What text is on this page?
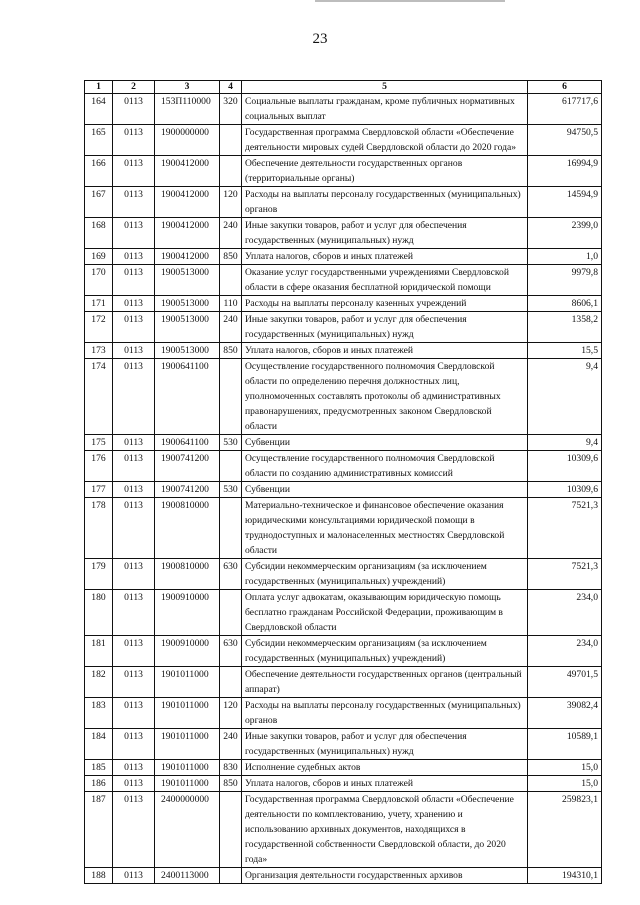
23
1	2	3	4	5	6
164	0113	153П110000	320	Социальные выплаты гражданам, кроме публичных нормативных социальных выплат	617717,6
165	0113	1900000000		Государственная программа Свердловской области «Обеспечение деятельности мировых судей Свердловской области до 2020 года»	94750,5
166	0113	1900412000		Обеспечение деятельности государственных органов (территориальные органы)	16994,9
167	0113	1900412000	120	Расходы на выплаты персоналу государственных (муниципальных) органов	14594,9
168	0113	1900412000	240	Иные закупки товаров, работ и услуг для обеспечения государственных (муниципальных) нужд	2399,0
169	0113	1900412000	850	Уплата налогов, сборов и иных платежей	1,0
170	0113	1900513000		Оказание услуг государственными учреждениями Свердловской области в сфере оказания бесплатной юридической помощи	9979,8
171	0113	1900513000	110	Расходы на выплаты персоналу казенных учреждений	8606,1
172	0113	1900513000	240	Иные закупки товаров, работ и услуг для обеспечения государственных (муниципальных) нужд	1358,2
173	0113	1900513000	850	Уплата налогов, сборов и иных платежей	15,5
174	0113	1900641100		Осуществление государственного полномочия Свердловской области по определению перечня должностных лиц, уполномоченных составлять протоколы об административных правонарушениях, предусмотренных законом Свердловской области	9,4
175	0113	1900641100	530	Субвенции	9,4
176	0113	1900741200		Осуществление государственного полномочия Свердловской области по созданию административных комиссий	10309,6
177	0113	1900741200	530	Субвенции	10309,6
178	0113	1900810000		Материально-техническое и финансовое обеспечение оказания юридическими консультациями юридической помощи в труднодоступных и малонаселенных местностях Свердловской области	7521,3
179	0113	1900810000	630	Субсидии некоммерческим организациям (за исключением государственных (муниципальных) учреждений)	7521,3
180	0113	1900910000		Оплата услуг адвокатам, оказывающим юридическую помощь бесплатно гражданам Российской Федерации, проживающим в Свердловской области	234,0
181	0113	1900910000	630	Субсидии некоммерческим организациям (за исключением государственных (муниципальных) учреждений)	234,0
182	0113	1901011000		Обеспечение деятельности государственных органов (центральный аппарат)	49701,5
183	0113	1901011000	120	Расходы на выплаты персоналу государственных (муниципальных) органов	39082,4
184	0113	1901011000	240	Иные закупки товаров, работ и услуг для обеспечения государственных (муниципальных) нужд	10589,1
185	0113	1901011000	830	Исполнение судебных актов	15,0
186	0113	1901011000	850	Уплата налогов, сборов и иных платежей	15,0
187	0113	2400000000		Государственная программа Свердловской области «Обеспечение деятельности по комплектованию, учету, хранению и использованию архивных документов, находящихся в государственной собственности Свердловской области, до 2020 года»	259823,1
188	0113	2400113000		Организация деятельности государственных архивов	194310,1
